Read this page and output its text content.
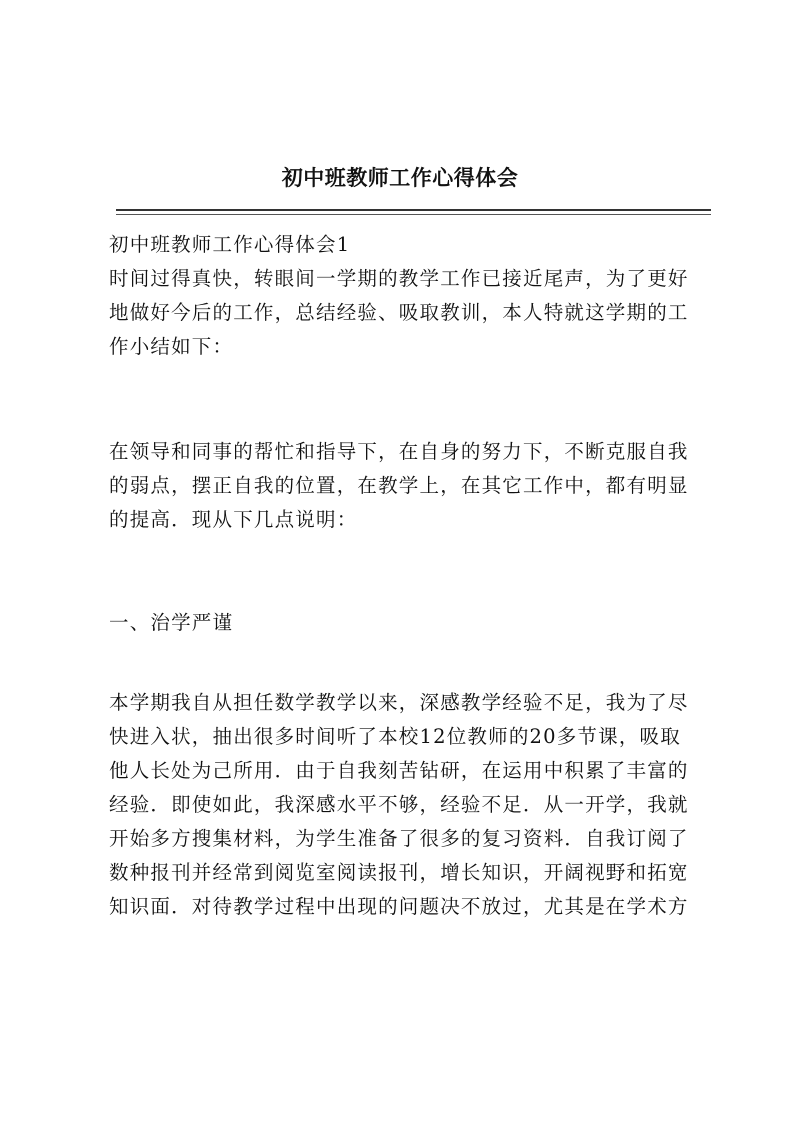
初中班教师工作心得体会

初中班教师工作心得体会1

时间过得真快，转眼间一学期的教学工作已接近尾声，为了更好
地做好今后的工作，总结经验、吸取教训，本人特就这学期的工
作小结如下：

在领导和同事的帮忙和指导下，在自身的努力下，不断克服自我
的弱点，摆正自我的位置，在教学上，在其它工作中，都有明显
的提高．现从下几点说明：

一、治学严谨

本学期我自从担任数学教学以来，深感教学经验不足，我为了尽
快进入状，抽出很多时间听了本校12位教师的20多节课，吸取
他人长处为己所用．由于自我刻苦钻研，在运用中积累了丰富的
经验．即使如此，我深感水平不够，经验不足．从一开学，我就
开始多方搜集材料，为学生准备了很多的复习资料．自我订阅了
数种报刊并经常到阅览室阅读报刊，增长知识，开阔视野和拓宽
知识面．对待教学过程中出现的问题决不放过，尤其是在学术方
